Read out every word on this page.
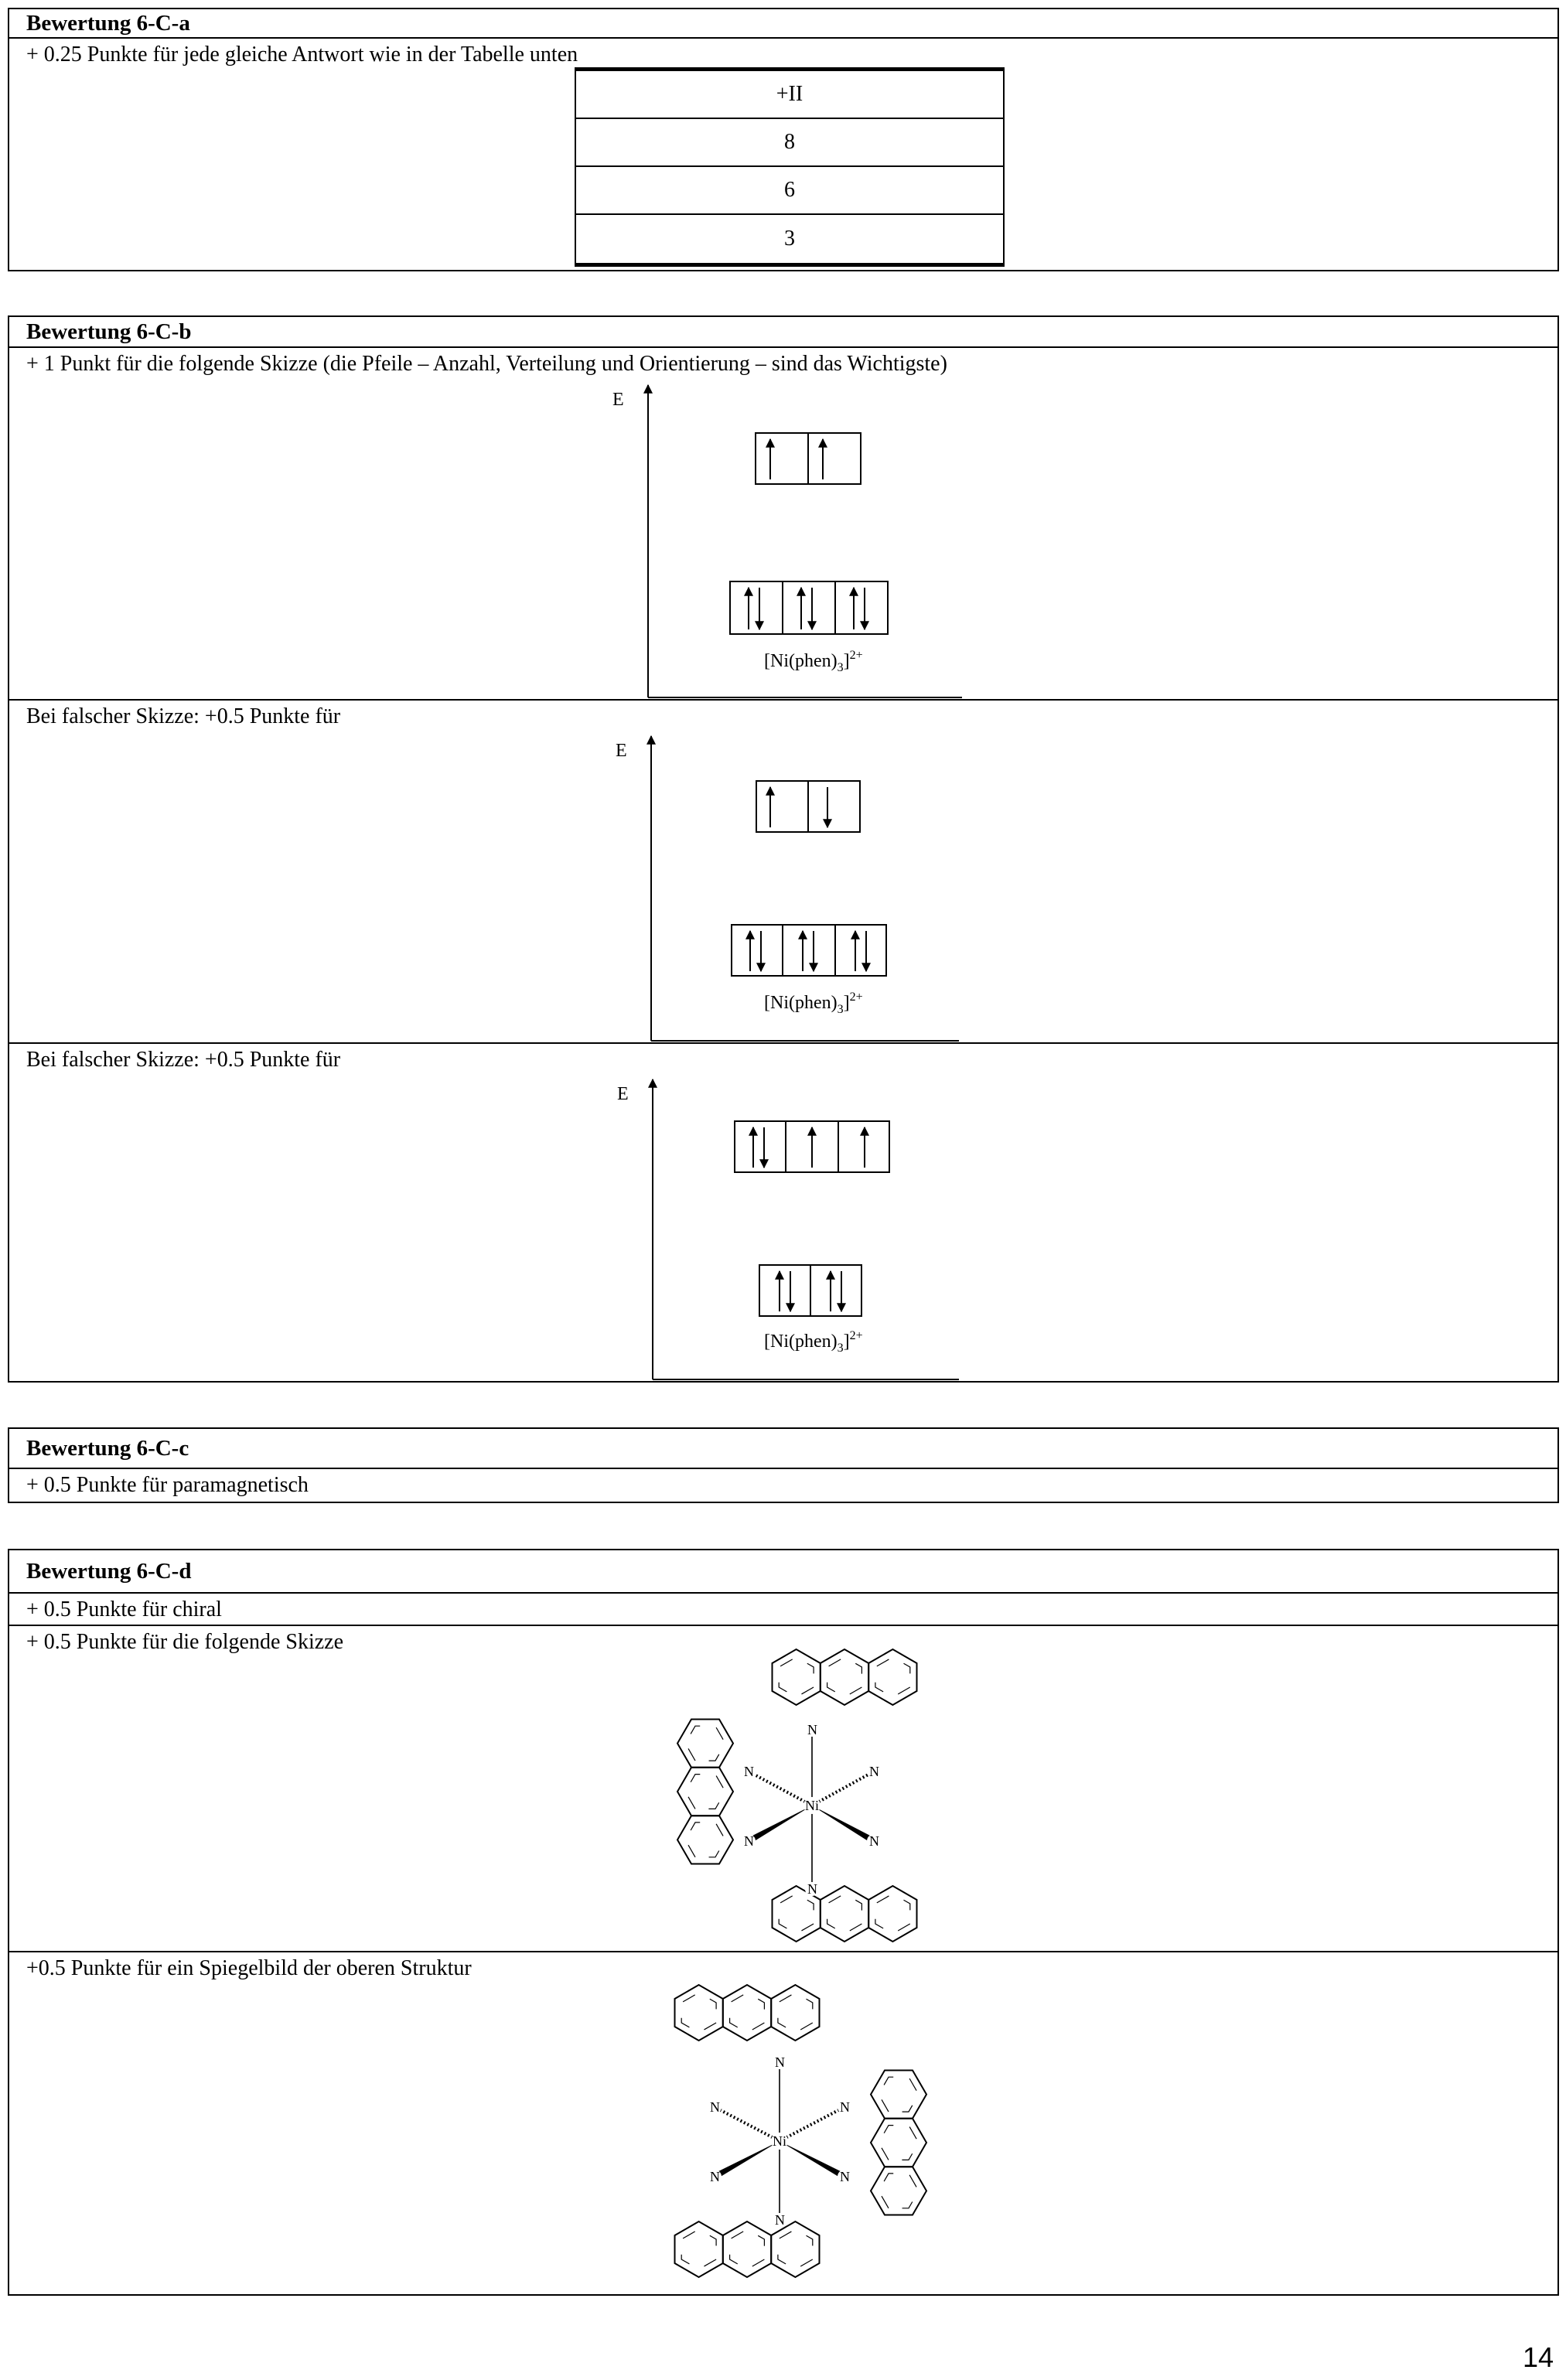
Bewertung 6-C-a
+ 0.25 Punkte für jede gleiche Antwort wie in der Tabelle unten
+II
8
6
3
Bewertung 6-C-b
+ 1 Punkt für die folgende Skizze (die Pfeile – Anzahl, Verteilung und Orientierung – sind das Wichtigste)
E
$[Ni(phen)_3]^{2+}$
Bei falscher Skizze: +0.5 Punkte für
E
$[Ni(phen)_3]^{2+}$
Bei falscher Skizze: +0.5 Punkte für
E
$[Ni(phen)_3]^{2+}$
Bewertung 6-C-c
+ 0.5 Punkte für paramagnetisch
Bewertung 6-C-d
+ 0.5 Punkte für chiral
+ 0.5 Punkte für die folgende Skizze
N
N
N
N
N
N
Ni
+0.5 Punkte für ein Spiegelbild der oberen Struktur
N
N
N
N
N
N
Ni
14
